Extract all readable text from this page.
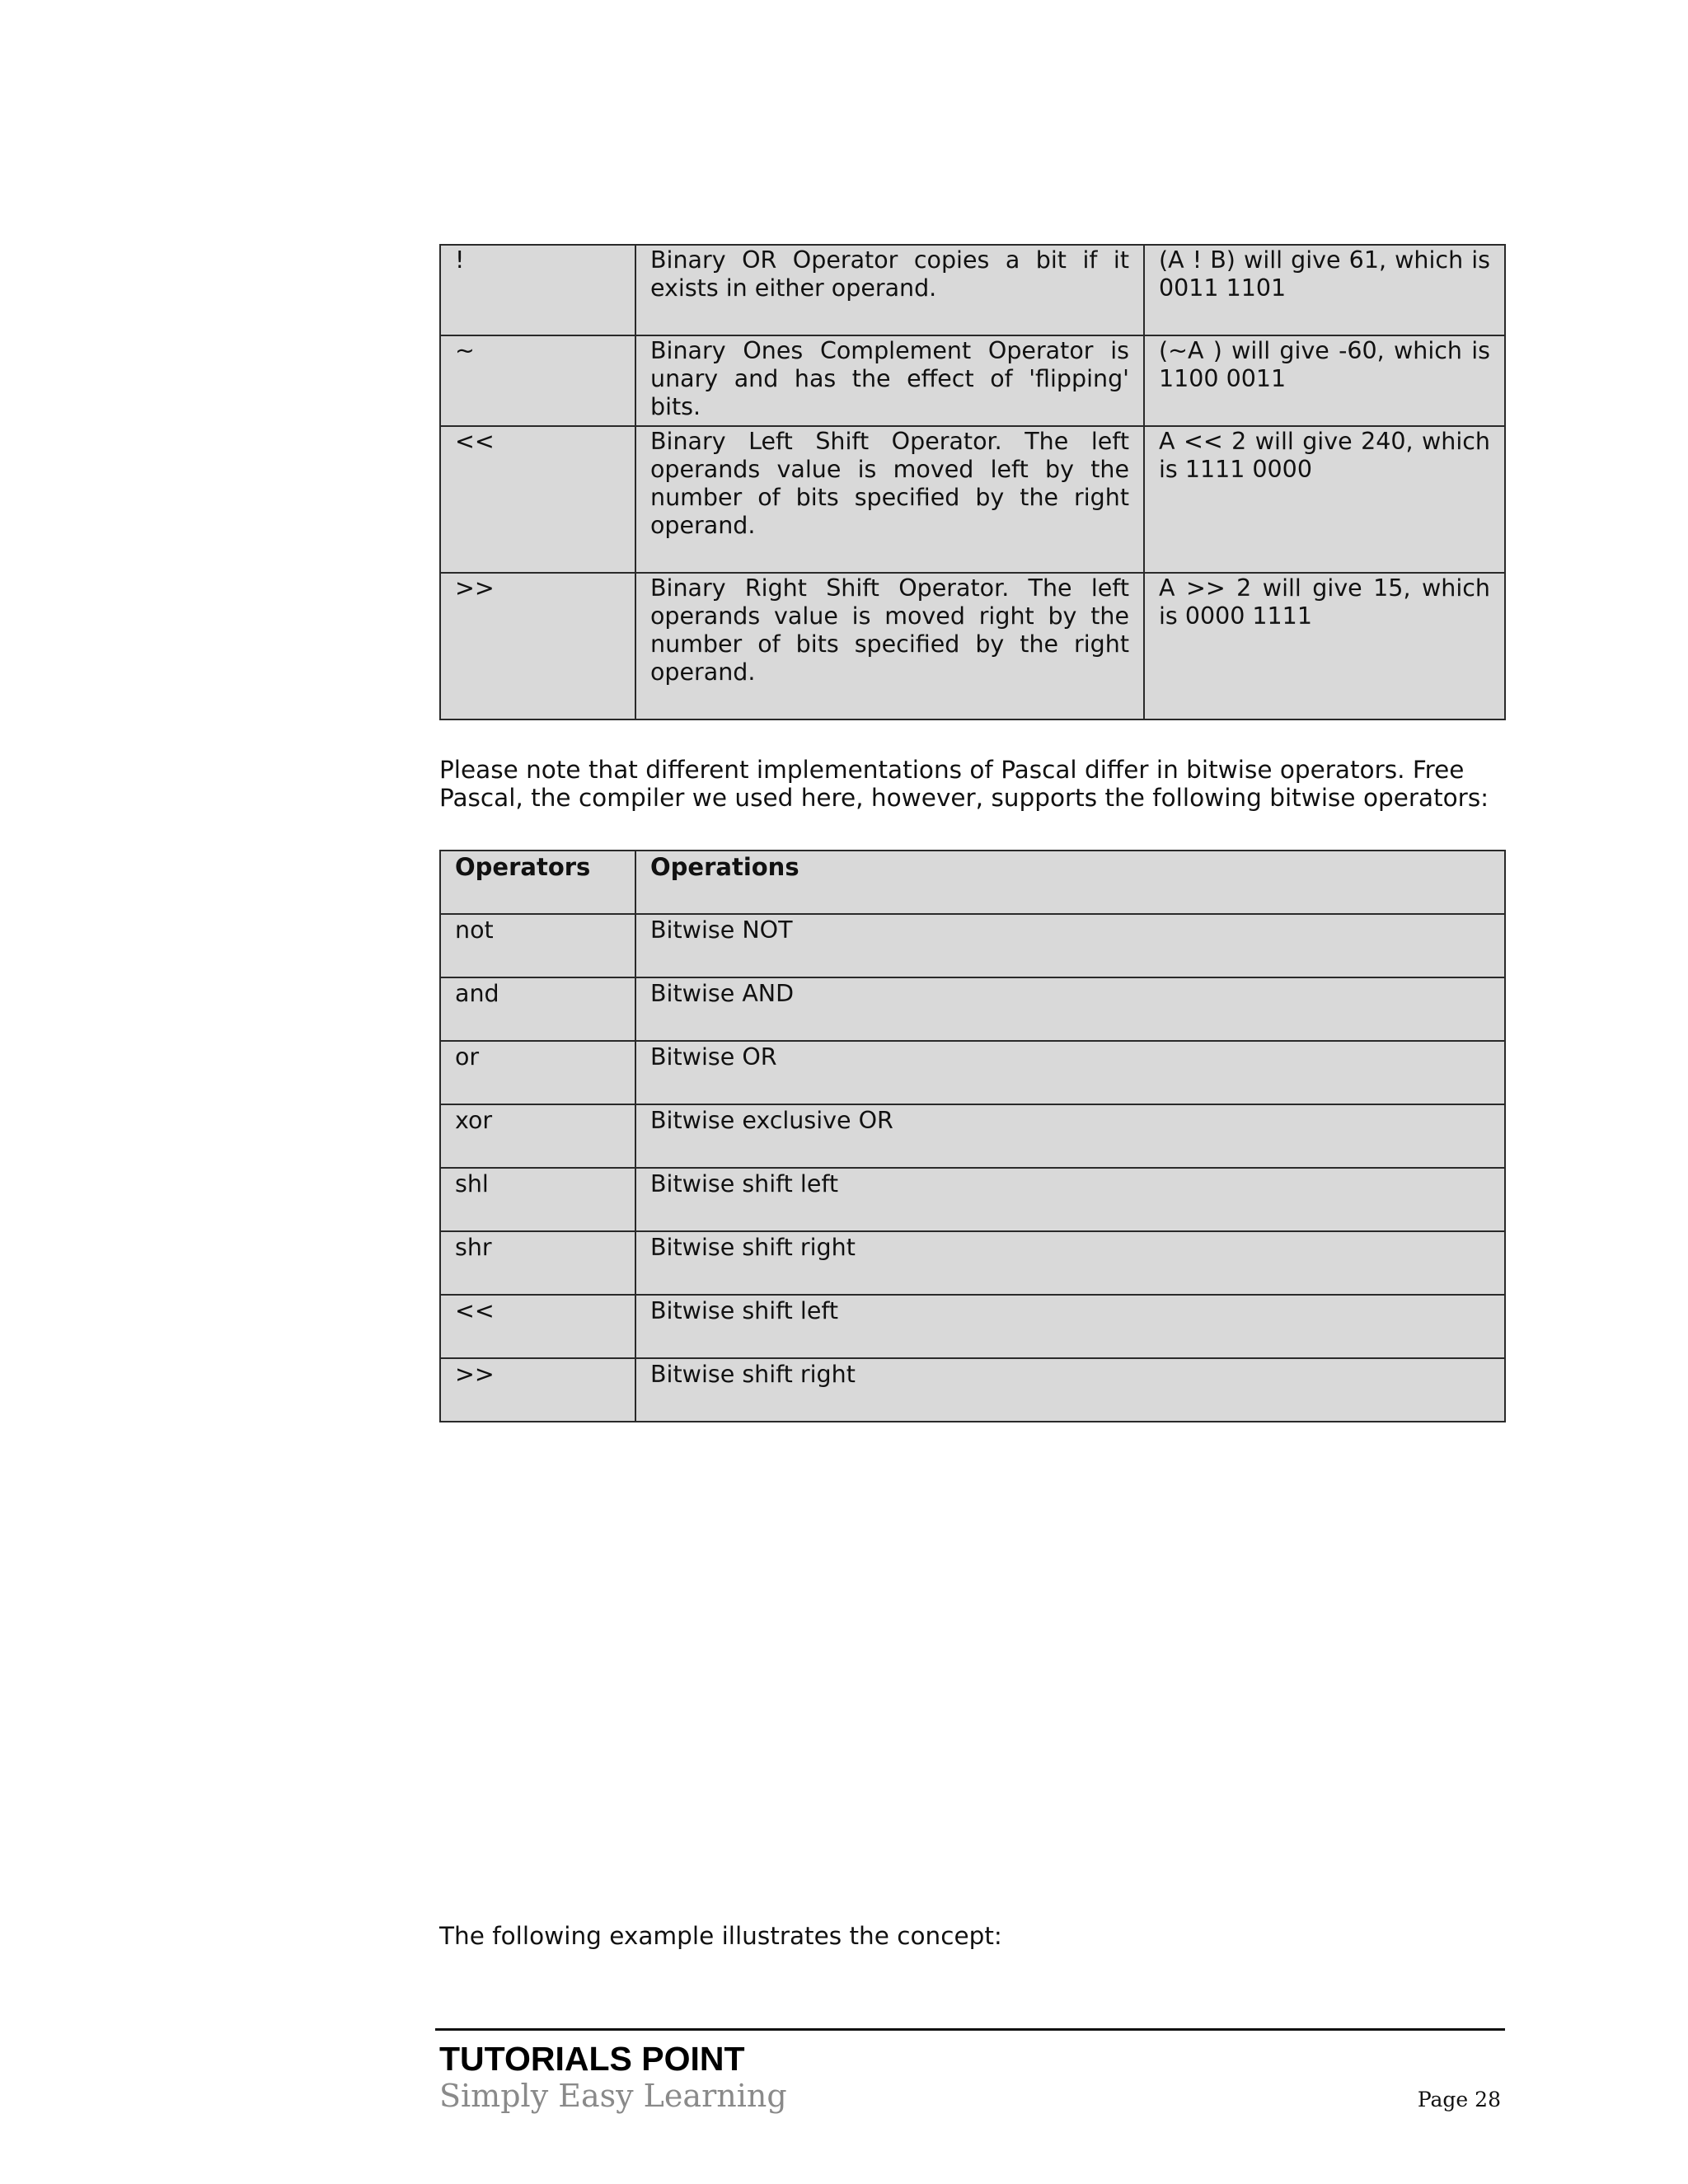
!	Binary OR Operator copies a bit if it exists in either operand.	(A ! B) will give 61, which is 0011 1101
~	Binary Ones Complement Operator is unary and has the effect of 'flipping' bits.	(~A ) will give -60, which is 1100 0011
<<	Binary Left Shift Operator. The left operands value is moved left by the number of bits specified by the right operand.	A << 2 will give 240, which is 1111 0000
>>	Binary Right Shift Operator. The left operands value is moved right by the number of bits specified by the right operand.	A >> 2 will give 15, which is 0000 1111

Please note that different implementations of Pascal differ in bitwise operators. Free Pascal, the compiler we used here, however, supports the following bitwise operators:

Operators	Operations
not	Bitwise NOT
and	Bitwise AND
or	Bitwise OR
xor	Bitwise exclusive OR
shl	Bitwise shift left
shr	Bitwise shift right
<<	Bitwise shift left
>>	Bitwise shift right

The following example illustrates the concept:

TUTORIALS POINT
Simply Easy Learning	Page 28
